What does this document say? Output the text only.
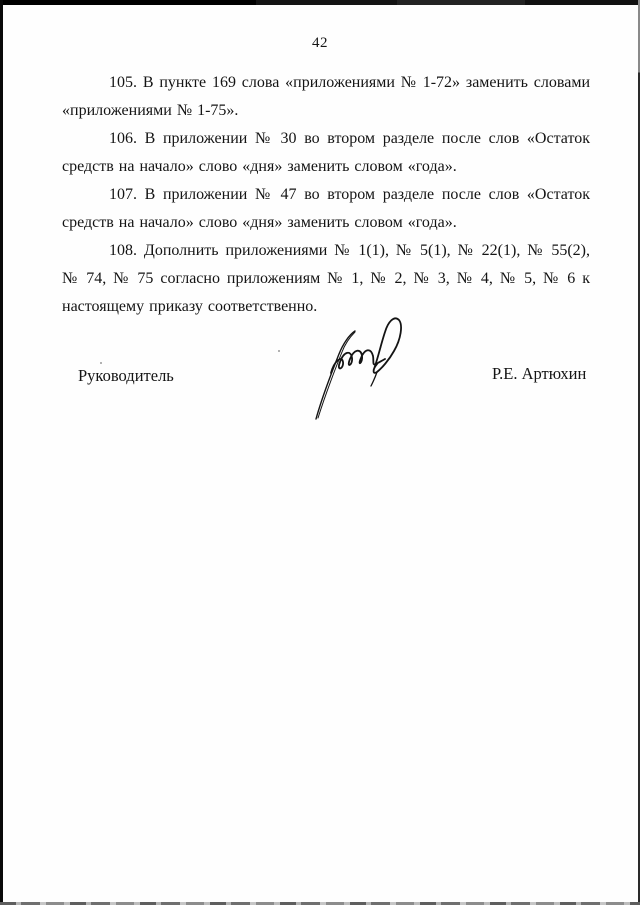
42

105. В пункте 169 слова «приложениями № 1-72» заменить словами «приложениями № 1-75».

106. В приложении № 30 во втором разделе после слов «Остаток средств на начало» слово «дня» заменить словом «года».

107. В приложении № 47 во втором разделе после слов «Остаток средств на начало» слово «дня» заменить словом «года».

108. Дополнить приложениями № 1(1), № 5(1), № 22(1), № 55(2), № 74, № 75 согласно приложениям № 1, № 2, № 3, № 4, № 5, № 6 к настоящему приказу соответственно.

Руководитель	Р.Е. Артюхин
